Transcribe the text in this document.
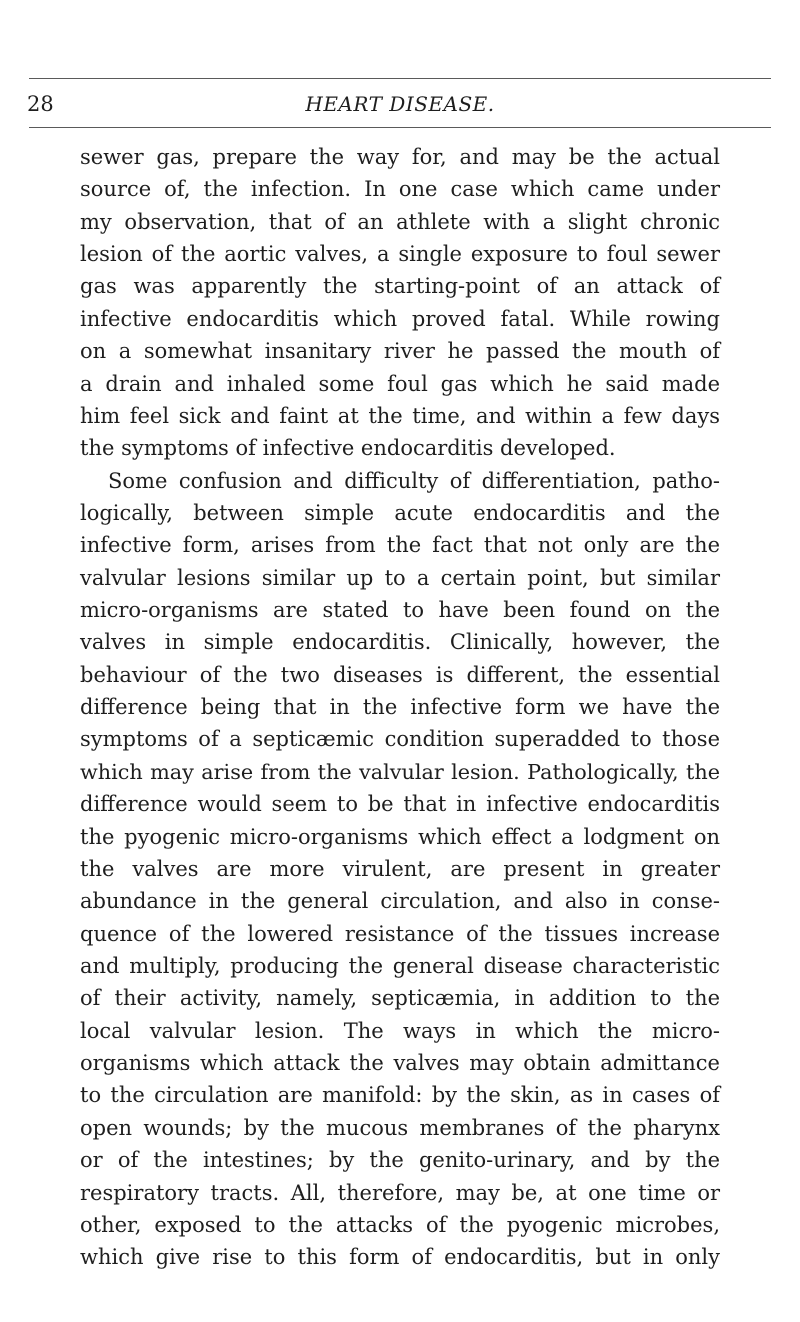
28	HEART DISEASE.
sewer gas, prepare the way for, and may be the actual
source of, the infection. In one case which came under
my observation, that of an athlete with a slight chronic
lesion of the aortic valves, a single exposure to foul sewer
gas was apparently the starting-point of an attack of
infective endocarditis which proved fatal. While rowing
on a somewhat insanitary river he passed the mouth of
a drain and inhaled some foul gas which he said made
him feel sick and faint at the time, and within a few days
the symptoms of infective endocarditis developed.
Some confusion and difficulty of differentiation, patho-
logically, between simple acute endocarditis and the
infective form, arises from the fact that not only are the
valvular lesions similar up to a certain point, but similar
micro-organisms are stated to have been found on the
valves in simple endocarditis. Clinically, however, the
behaviour of the two diseases is different, the essential
difference being that in the infective form we have the
symptoms of a septicæmic condition superadded to those
which may arise from the valvular lesion. Pathologically, the
difference would seem to be that in infective endocarditis
the pyogenic micro-organisms which effect a lodgment on
the valves are more virulent, are present in greater
abundance in the general circulation, and also in conse-
quence of the lowered resistance of the tissues increase
and multiply, producing the general disease characteristic
of their activity, namely, septicæmia, in addition to the
local valvular lesion. The ways in which the micro-
organisms which attack the valves may obtain admittance
to the circulation are manifold: by the skin, as in cases of
open wounds; by the mucous membranes of the pharynx
or of the intestines; by the genito-urinary, and by the
respiratory tracts. All, therefore, may be, at one time or
other, exposed to the attacks of the pyogenic microbes,
which give rise to this form of endocarditis, but in only
